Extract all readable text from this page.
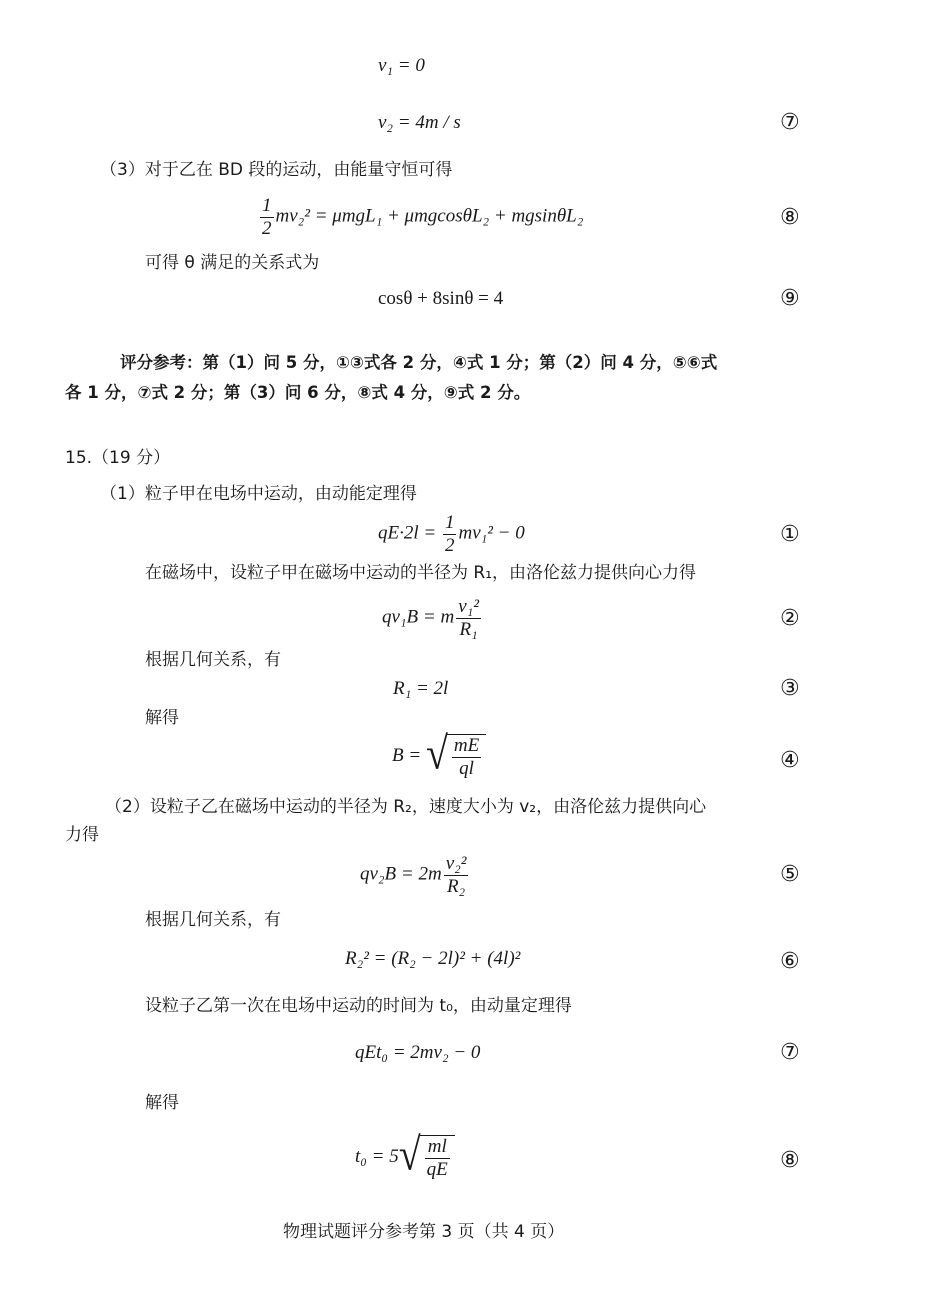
v₁ = 0
v₂ = 4m / s	⑦
（3）对于乙在 BD 段的运动，由能量守恒可得
$\frac{1}{2} mv_2^2 = \mu mgL_1 + \mu mgcos\theta L_2 + mgsin\theta L_2$	⑧
可得 θ 满足的关系式为
cosθ + 8sinθ = 4	⑨
评分参考：第（1）问 5 分，①③式各 2 分，④式 1 分；第（2）问 4 分，⑤⑥式
各 1 分，⑦式 2 分；第（3）问 6 分，⑧式 4 分，⑨式 2 分。
15.（19 分）
（1）粒子甲在电场中运动，由动能定理得
$qE\cdot 2l = \frac{1}{2} mv_1^2 - 0$	①
在磁场中，设粒子甲在磁场中运动的半径为 R₁，由洛伦兹力提供向心力得
qv₁B = m $\frac{\text{v₁²}}{\text{R₁}}$	②
根据几何关系，有
R₁ = 2l	③
解得
B = √ $\frac{mE}{ql}$	④
（2）设粒子乙在磁场中运动的半径为 R₂，速度大小为 v₂，由洛伦兹力提供向心
力得
$qv_2B = 2m \frac{\text{v₂²}}{\text{R₂}}$	⑤
根据几何关系，有
R₂² = (R₂ − 2l)² + (4l)²	⑥
设粒子乙第一次在电场中运动的时间为 t₀，由动量定理得
qEt₀ = 2mv₂ − 0	⑦
解得
t₀ = 5 √ $\frac{ml}{qE}$	⑧
物理试题评分参考第 3 页（共 4 页）
